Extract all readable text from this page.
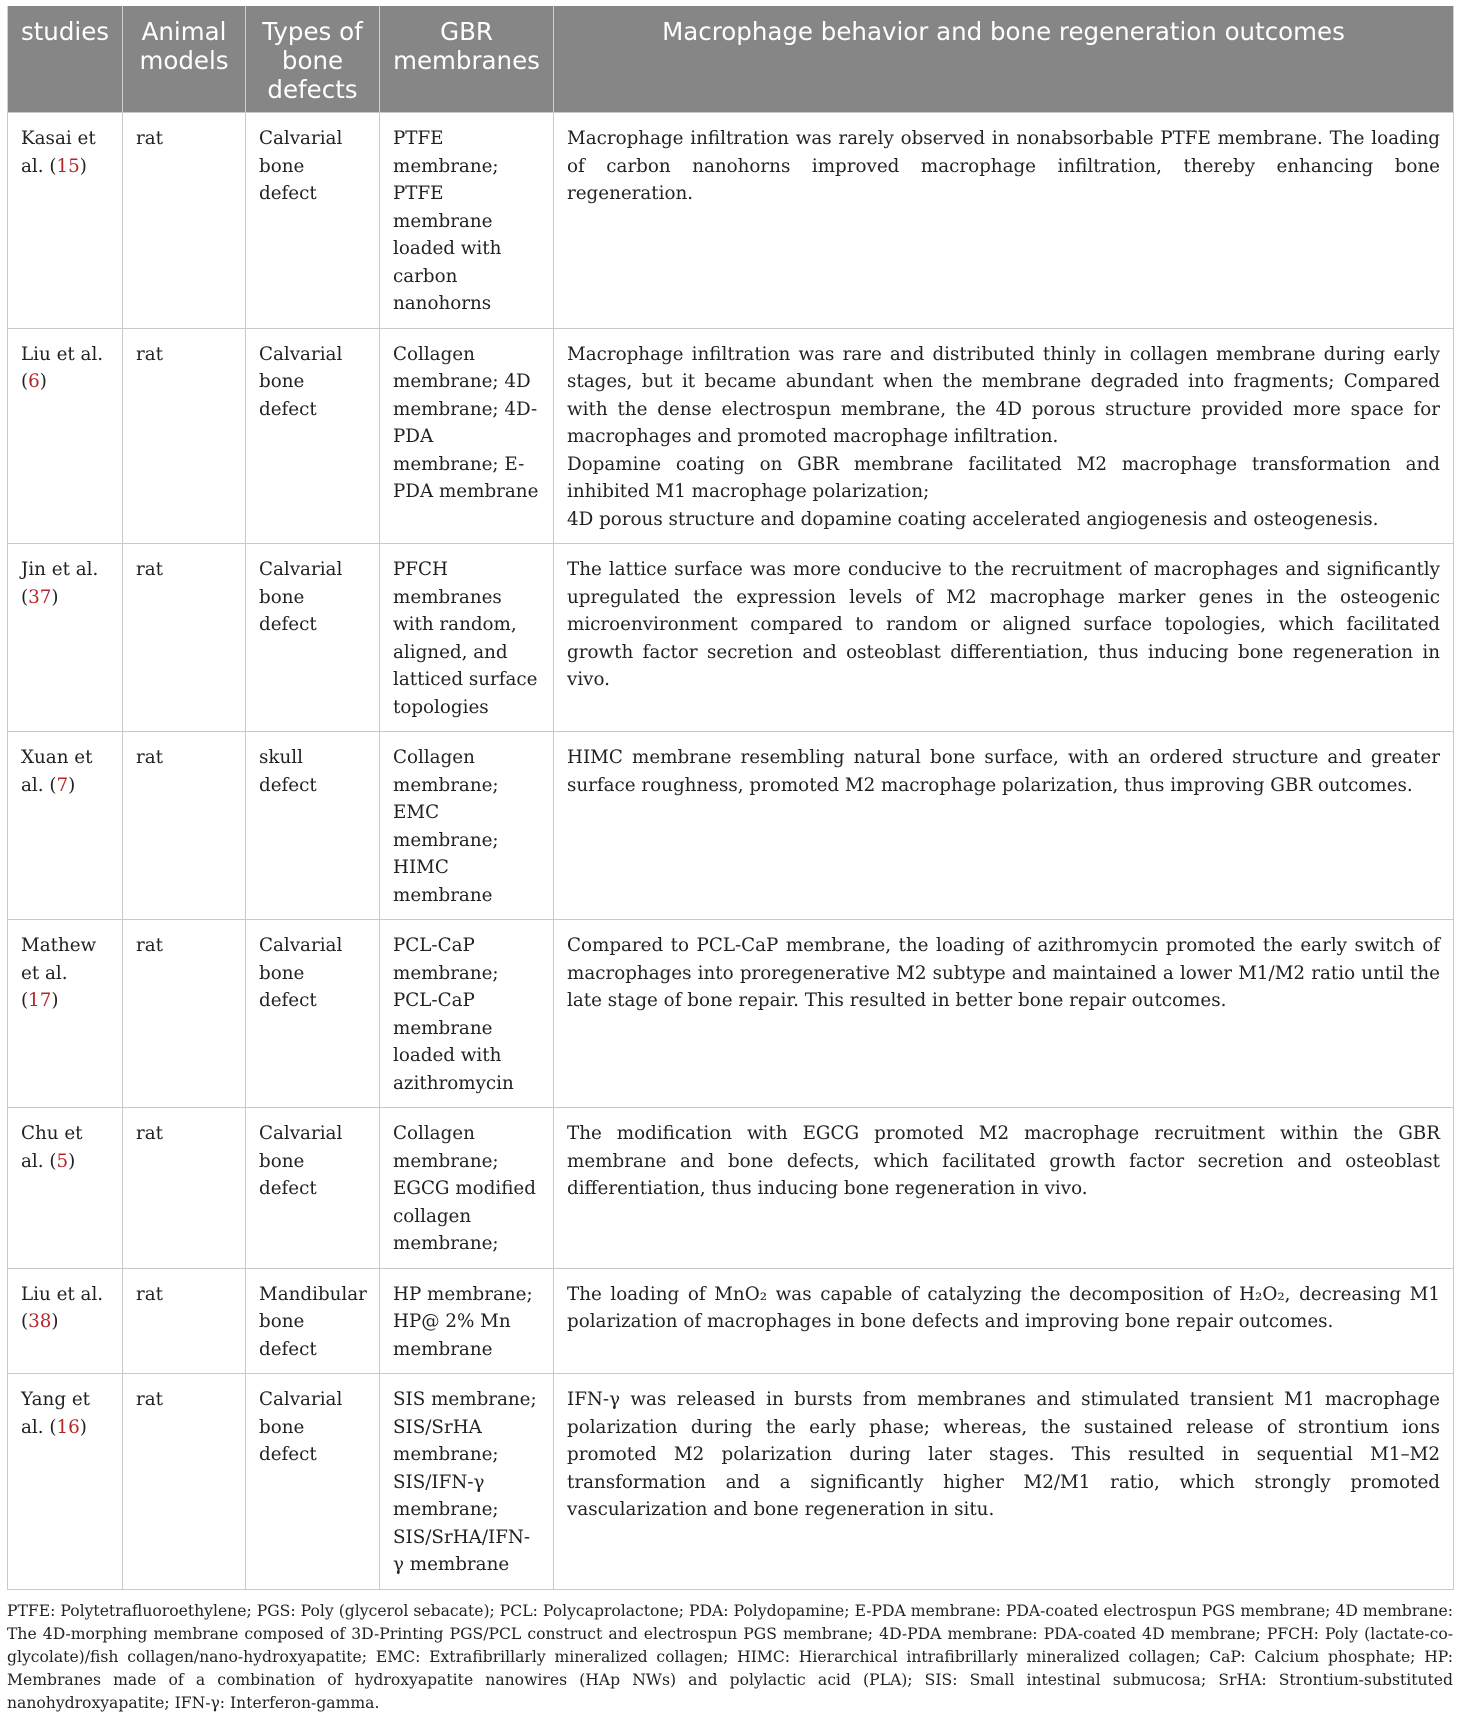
studies	Animal models	Types of bone defects	GBR membranes	Macrophage behavior and bone regeneration outcomes
Kasai et al. (15)	rat	Calvarial bone defect	PTFE membrane; PTFE membrane loaded with carbon nanohorns	Macrophage infiltration was rarely observed in nonabsorbable PTFE membrane. The loading of carbon nanohorns improved macrophage infiltration, thereby enhancing bone regeneration.

Liu et al. (6)	rat	Calvarial bone defect	Collagen membrane; 4D membrane; 4D-PDA membrane; E-PDA membrane	Macrophage infiltration was rare and distributed thinly in collagen membrane during early stages, but it became abundant when the membrane degraded into fragments; Compared with the dense electrospun membrane, the 4D porous structure provided more space for macrophages and promoted macrophage infiltration.
Dopamine coating on GBR membrane facilitated M2 macrophage transformation and inhibited M1 macrophage polarization;
4D porous structure and dopamine coating accelerated angiogenesis and osteogenesis.

Jin et al. (37)	rat	Calvarial bone defect	PFCH membranes with random, aligned, and latticed surface topologies	The lattice surface was more conducive to the recruitment of macrophages and significantly upregulated the expression levels of M2 macrophage marker genes in the osteogenic microenvironment compared to random or aligned surface topologies, which facilitated growth factor secretion and osteoblast differentiation, thus inducing bone regeneration in vivo.

Xuan et al. (7)	rat	skull defect	Collagen membrane; EMC membrane; HIMC membrane	HIMC membrane resembling natural bone surface, with an ordered structure and greater surface roughness, promoted M2 macrophage polarization, thus improving GBR outcomes.

Mathew et al. (17)	rat	Calvarial bone defect	PCL-CaP membrane; PCL-CaP membrane loaded with azithromycin	Compared to PCL-CaP membrane, the loading of azithromycin promoted the early switch of macrophages into proregenerative M2 subtype and maintained a lower M1/M2 ratio until the late stage of bone repair. This resulted in better bone repair outcomes.

Chu et al. (5)	rat	Calvarial bone defect	Collagen membrane; EGCG modified collagen membrane;	The modification with EGCG promoted M2 macrophage recruitment within the GBR membrane and bone defects, which facilitated growth factor secretion and osteoblast differentiation, thus inducing bone regeneration in vivo.

Liu et al. (38)	rat	Mandibular bone defect	HP membrane; HP@ 2% Mn membrane	The loading of MnO₂ was capable of catalyzing the decomposition of H₂O₂, decreasing M1 polarization of macrophages in bone defects and improving bone repair outcomes.

Yang et al. (16)	rat	Calvarial bone defect	SIS membrane; SIS/SrHA membrane; SIS/IFN-γ membrane; SIS/SrHA/IFN-γ membrane	IFN-γ was released in bursts from membranes and stimulated transient M1 macrophage polarization during the early phase; whereas, the sustained release of strontium ions promoted M2 polarization during later stages. This resulted in sequential M1–M2 transformation and a significantly higher M2/M1 ratio, which strongly promoted vascularization and bone regeneration in situ.
PTFE: Polytetrafluoroethylene; PGS: Poly (glycerol sebacate); PCL: Polycaprolactone; PDA: Polydopamine; E-PDA membrane: PDA-coated electrospun PGS membrane; 4D membrane: The 4D-morphing membrane composed of 3D-Printing PGS/PCL construct and electrospun PGS membrane; 4D-PDA membrane: PDA-coated 4D membrane; PFCH: Poly (lactate-co-glycolate)/fish collagen/nano-hydroxyapatite; EMC: Extrafibrillarly mineralized collagen; HIMC: Hierarchical intrafibrillarly mineralized collagen; CaP: Calcium phosphate; HP: Membranes made of a combination of hydroxyapatite nanowires (HAp NWs) and polylactic acid (PLA); SIS: Small intestinal submucosa; SrHA: Strontium-substituted nanohydroxyapatite; IFN-γ: Interferon-gamma.
